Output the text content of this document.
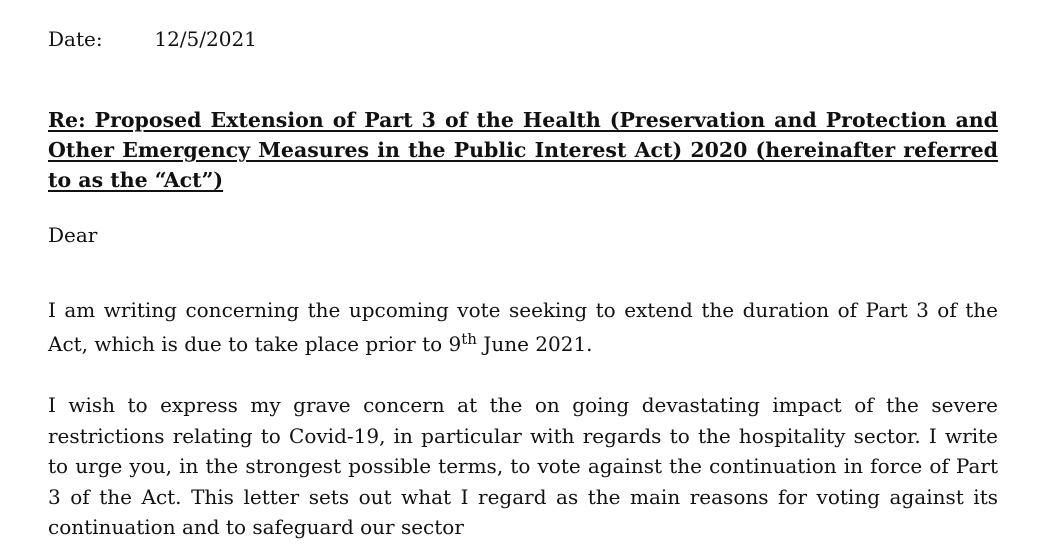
Date:	12/5/2021
Re: Proposed Extension of Part 3 of the Health (Preservation and Protection and Other Emergency Measures in the Public Interest Act) 2020 (hereinafter referred to as the “Act”)
Dear
I am writing concerning the upcoming vote seeking to extend the duration of Part 3 of the Act, which is due to take place prior to 9th June 2021.
I wish to express my grave concern at the on going devastating impact of the severe restrictions relating to Covid-19, in particular with regards to the hospitality sector. I write to urge you, in the strongest possible terms, to vote against the continuation in force of Part 3 of the Act. This letter sets out what I regard as the main reasons for voting against its continuation and to safeguard our sector
